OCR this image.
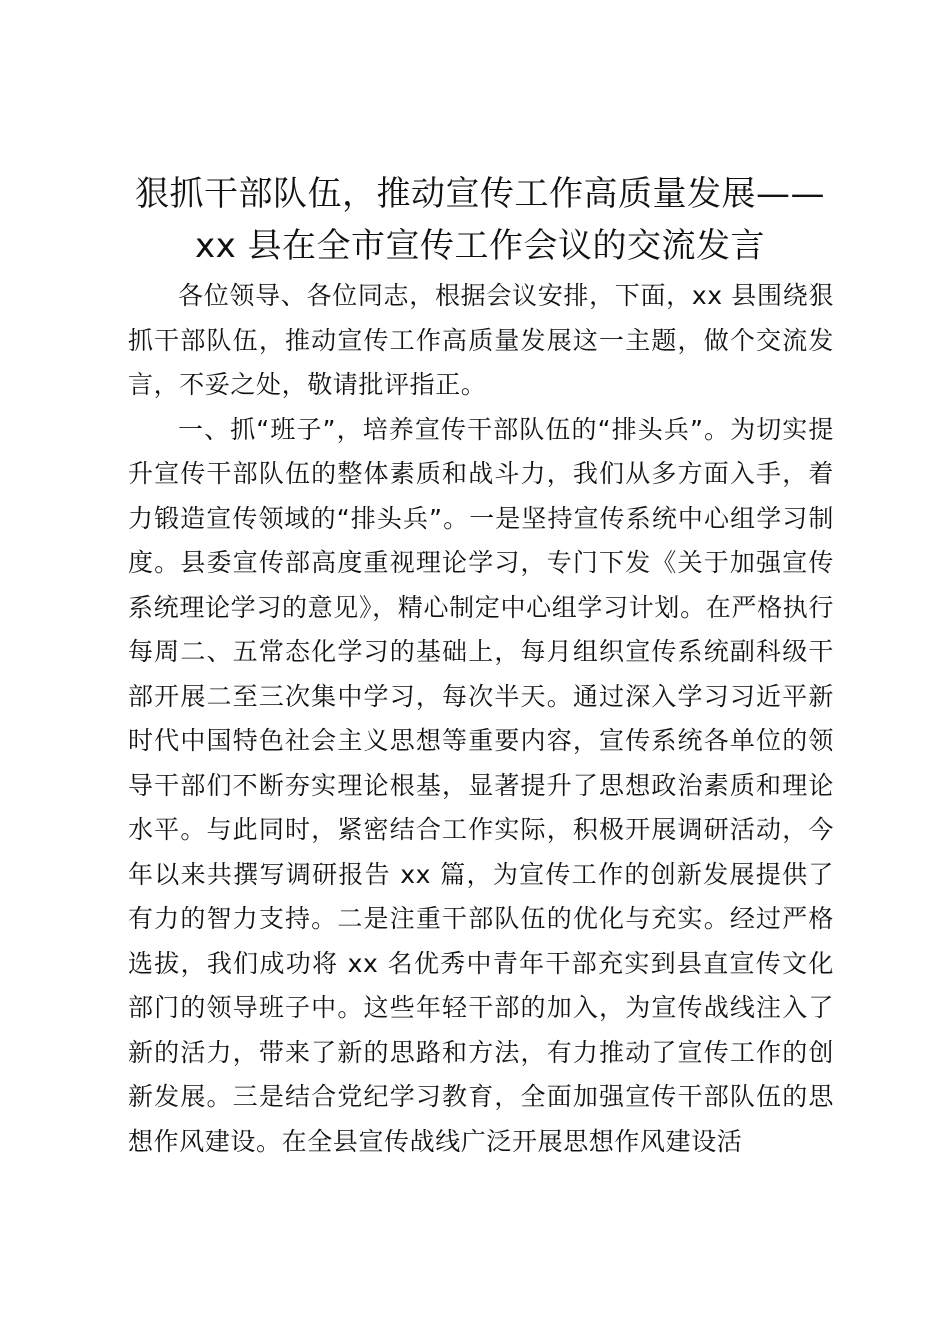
狠抓干部队伍，推动宣传工作高质量发展——
xx 县在全市宣传工作会议的交流发言

各位领导、各位同志，根据会议安排，下面，xx 县围绕狠抓干部队伍，推动宣传工作高质量发展这一主题，做个交流发言，不妥之处，敬请批评指正。

一、抓“班子”，培养宣传干部队伍的“排头兵”。为切实提升宣传干部队伍的整体素质和战斗力，我们从多方面入手，着力锻造宣传领域的“排头兵”。一是坚持宣传系统中心组学习制度。县委宣传部高度重视理论学习，专门下发《关于加强宣传系统理论学习的意见》，精心制定中心组学习计划。在严格执行每周二、五常态化学习的基础上，每月组织宣传系统副科级干部开展二至三次集中学习，每次半天。通过深入学习习近平新时代中国特色社会主义思想等重要内容，宣传系统各单位的领导干部们不断夯实理论根基，显著提升了思想政治素质和理论水平。与此同时，紧密结合工作实际，积极开展调研活动，今年以来共撰写调研报告 xx 篇，为宣传工作的创新发展提供了有力的智力支持。二是注重干部队伍的优化与充实。经过严格选拔，我们成功将 xx 名优秀中青年干部充实到县直宣传文化部门的领导班子中。这些年轻干部的加入，为宣传战线注入了新的活力，带来了新的思路和方法，有力推动了宣传工作的创新发展。三是结合党纪学习教育，全面加强宣传干部队伍的思想作风建设。在全县宣传战线广泛开展思想作风建设活
